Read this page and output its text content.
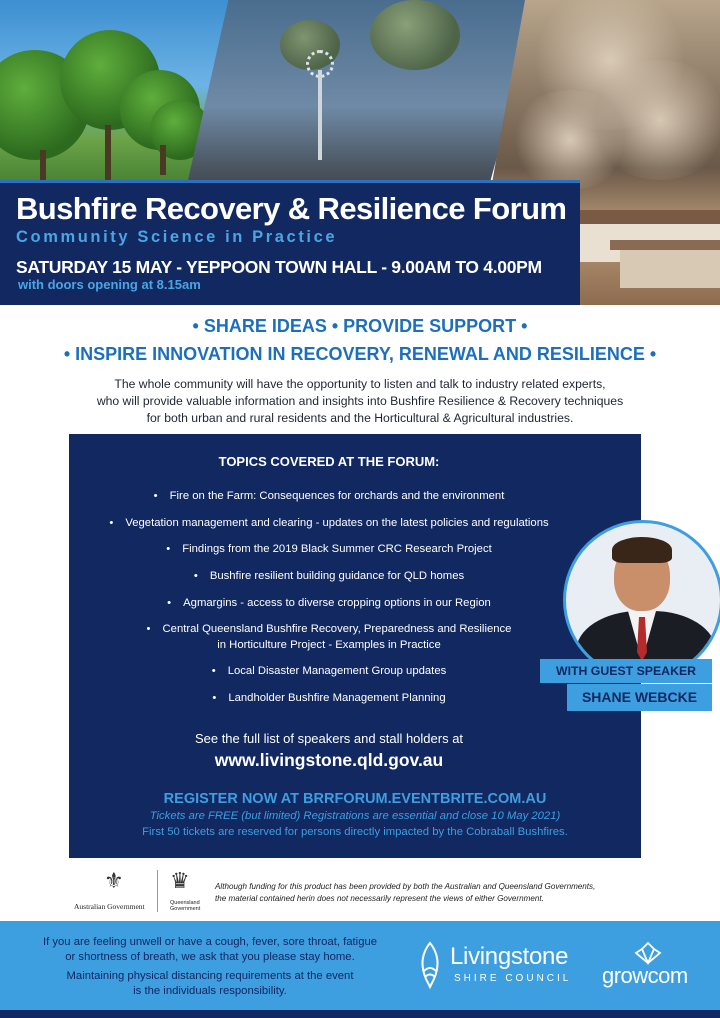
Bushfire Recovery & Resilience Forum
Community Science in Practice
SATURDAY 15 MAY - YEPPOON TOWN HALL - 9.00AM TO 4.00PM
with doors opening at 8.15am
• SHARE IDEAS • PROVIDE SUPPORT •
• INSPIRE INNOVATION IN RECOVERY, RENEWAL AND RESILIENCE •
The whole community will have the opportunity to listen and talk to industry related experts,
who will provide valuable information and insights into Bushfire Resilience & Recovery techniques
for both urban and rural residents and the Horticultural & Agricultural industries.
TOPICS COVERED AT THE FORUM:
• Fire on the Farm: Consequences for orchards and the environment
• Vegetation management and clearing - updates on the latest policies and regulations
• Findings from the 2019 Black Summer CRC Research Project
• Bushfire resilient building guidance for QLD homes
• Agmargins - access to diverse cropping options in our Region
• Central Queensland Bushfire Recovery, Preparedness and Resilience
in Horticulture Project - Examples in Practice
• Local Disaster Management Group updates
• Landholder Bushfire Management Planning
See the full list of speakers and stall holders at
www.livingstone.qld.gov.au
REGISTER NOW AT BRRFORUM.EVENTBRITE.COM.AU
Tickets are FREE (but limited) Registrations are essential and close 10 May 2021)
First 50 tickets are reserved for persons directly impacted by the Cobraball Bushfires.
WITH GUEST SPEAKER
SHANE WEBCKE
⚜ ♛
Australian Government	Queensland
Government
Although funding for this product has been provided by both the Australian and Queensland Governments,
the material contained herin does not necessarily represent the views of either Government.
If you are feeling unwell or have a cough, fever, sore throat, fatigue
or shortness of breath, we ask that you please stay home.
Maintaining physical distancing requirements at the event
is the individuals responsibility.
Livingstone
SHIRE COUNCIL growcom
